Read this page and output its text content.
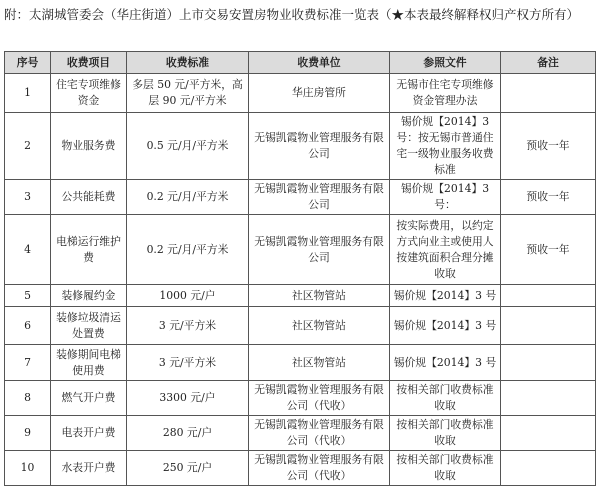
附：太湖城管委会（华庄街道）上市交易安置房物业收费标准一览表（★本表最终解释权归产权方所有）
序号	收费项目	收费标准	收费单位	参照文件	备注
1	住宅专项维修资金	多层 50 元/平方米，高层 90 元/平方米	华庄房管所	无锡市住宅专项维修资金管理办法	
2	物业服务费	0.5 元/月/平方米	无锡凯霞物业管理服务有限公司	锡价规【2014】3 号：按无锡市普通住宅一级物业服务收费标准	预收一年
3	公共能耗费	0.2 元/月/平方米	无锡凯霞物业管理服务有限公司	锡价规【2014】3 号：	预收一年
4	电梯运行维护费	0.2 元/月/平方米	无锡凯霞物业管理服务有限公司	按实际费用，以约定方式向业主或使用人按建筑面积合理分摊收取	预收一年
5	装修履约金	1000 元/户	社区物管站	锡价规【2014】3 号	
6	装修垃圾清运处置费	3 元/平方米	社区物管站	锡价规【2014】3 号	
7	装修期间电梯使用费	3 元/平方米	社区物管站	锡价规【2014】3 号	
8	燃气开户费	3300 元/户	无锡凯霞物业管理服务有限公司（代收）	按相关部门收费标准收取	
9	电表开户费	280 元/户	无锡凯霞物业管理服务有限公司（代收）	按相关部门收费标准收取	
10	水表开户费	250 元/户	无锡凯霞物业管理服务有限公司（代收）	按相关部门收费标准收取	
